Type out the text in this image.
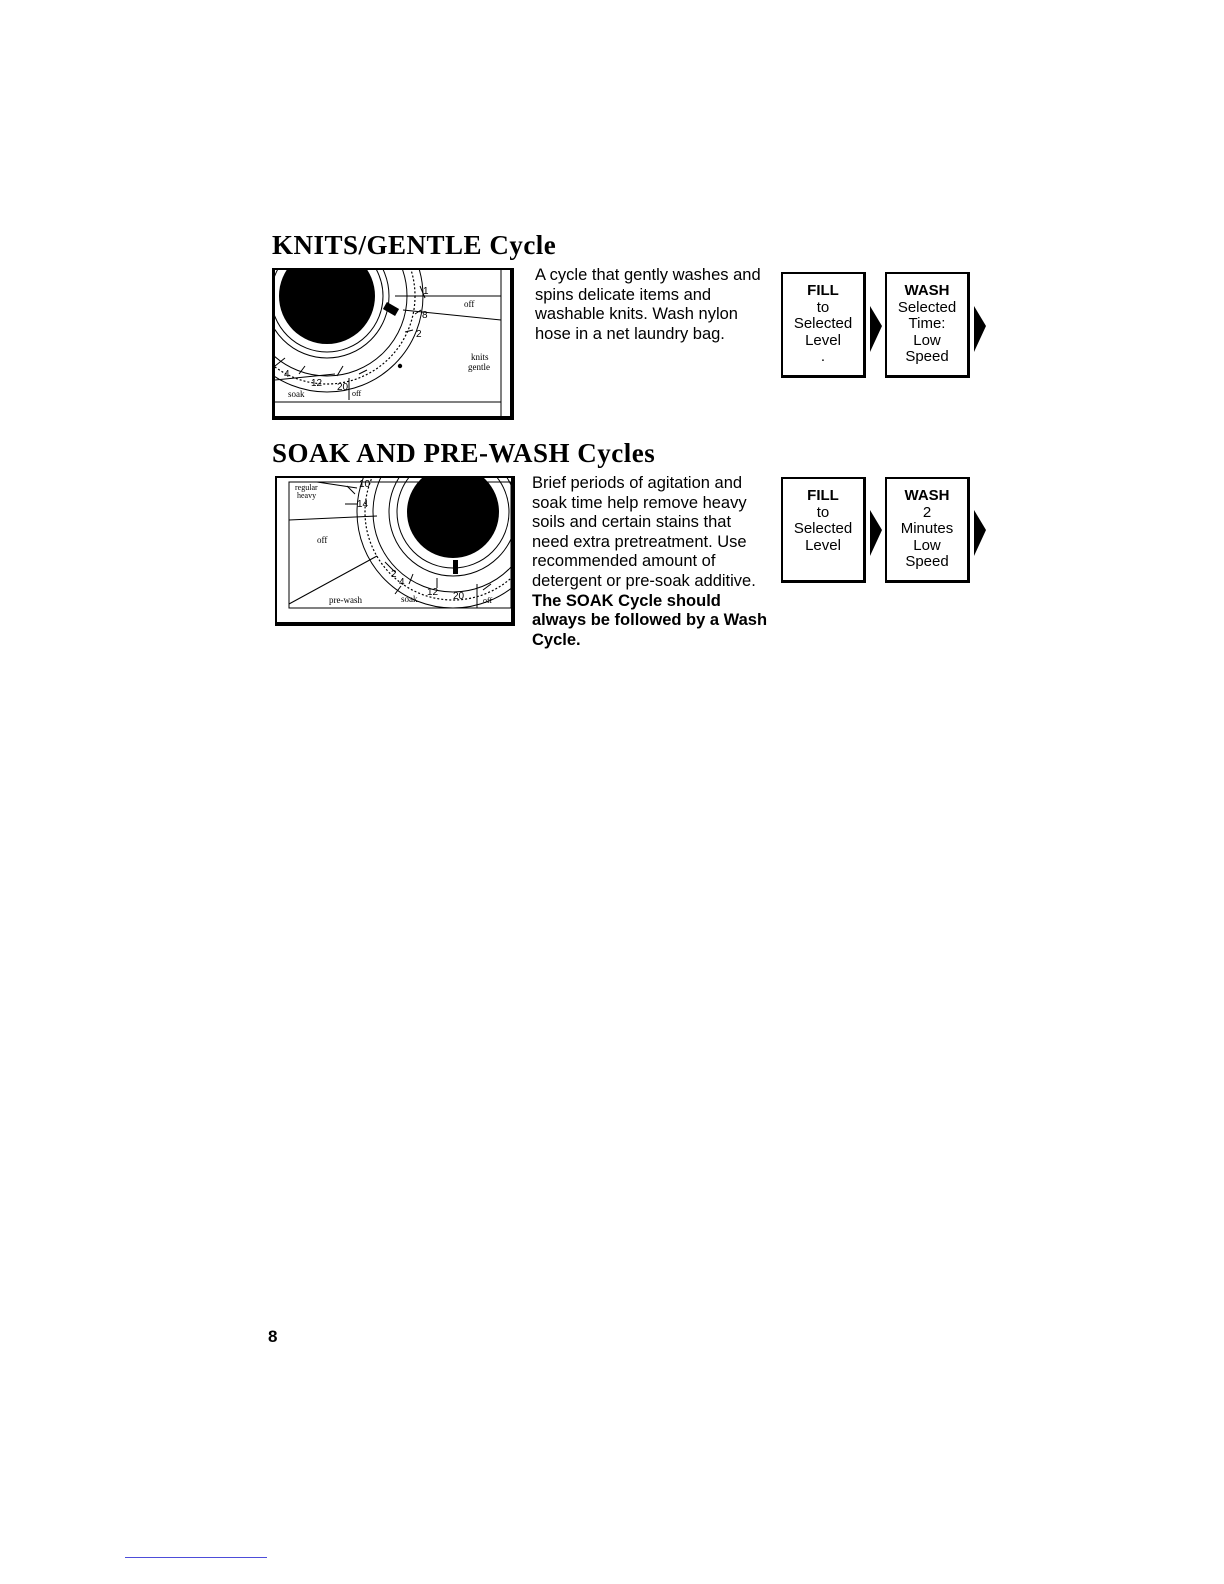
KNITS/GENTLE Cycle
off
knits
gentle
soak	off
1
8
2
4
12 20

A cycle that gently washes and spins delicate items and washable knits. Wash nylon hose in a net laundry bag.

FILL
to
Selected
Level
.
WASH
Selected
Time:
Low
Speed
SOAK AND PRE-WASH Cycles
regular
heavy
off
pre-wash	soak	off
10
14
2
4
12 20

Brief periods of agitation and soak time help remove heavy soils and certain stains that need extra pretreatment. Use recommended amount of detergent or pre-soak additive. The SOAK Cycle should always be followed by a Wash Cycle.

FILL
to
Selected
Level
WASH
2
Minutes
Low
Speed
8
